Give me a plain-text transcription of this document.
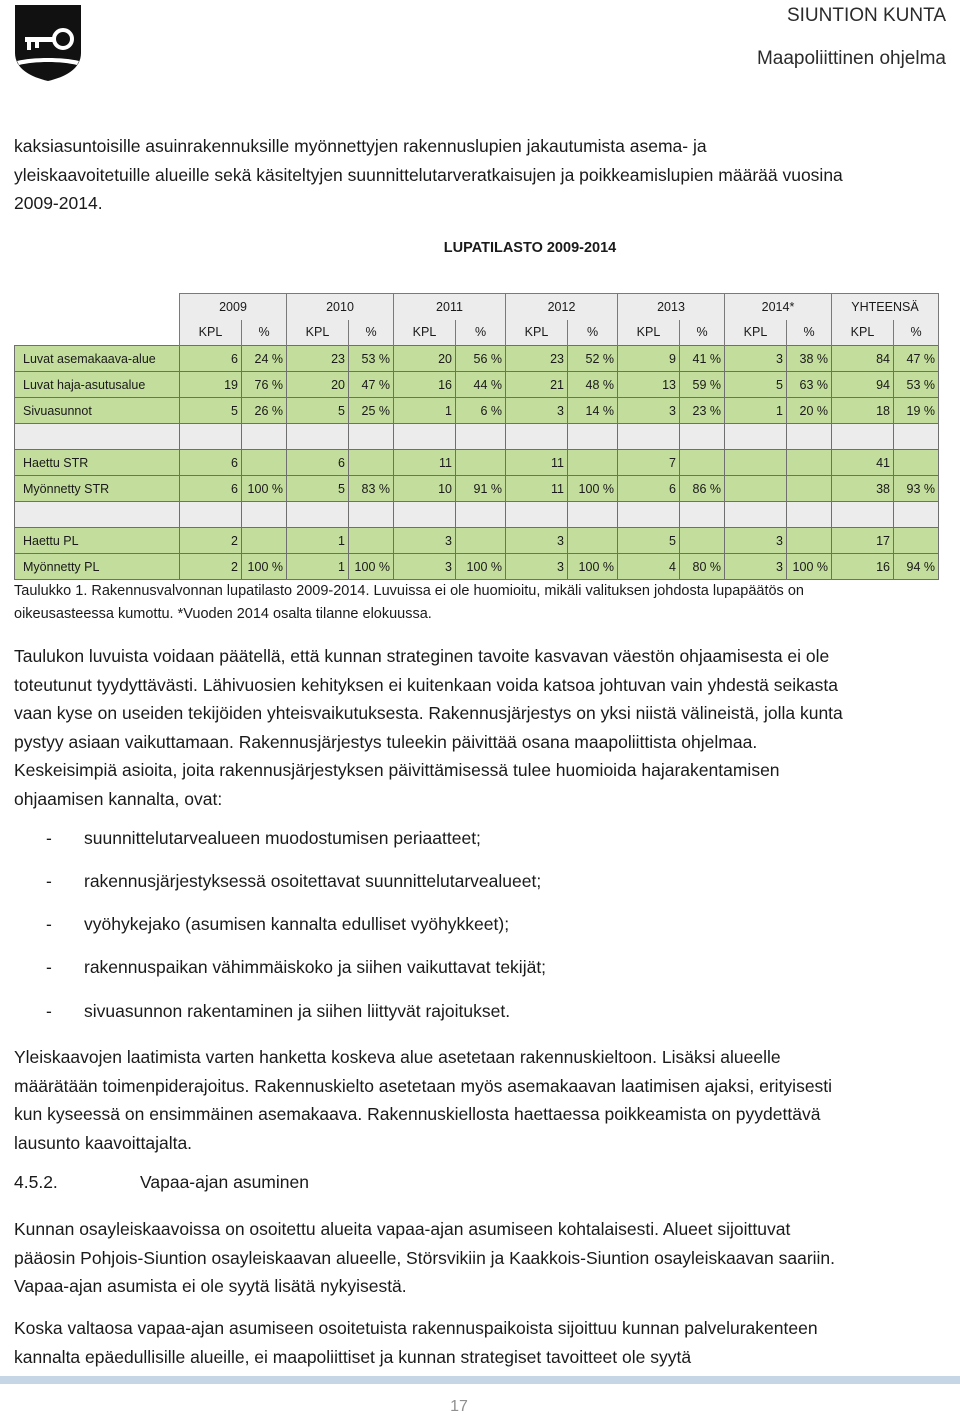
SIUNTION KUNTA
Maapoliittinen ohjelma

kaksiasuntoisille asuinrakennuksille myönnettyjen rakennuslupien jakautumista asema- ja
yleiskaavoitetuille alueille sekä käsiteltyjen suunnittelutarveratkaisujen ja poikkeamislupien määrää vuosina
2009-2014.

LUPATILASTO 2009-2014
	2009		2010		2011		2012		2013		2014*		YHTEENSÄ	
	KPL	%	KPL	%	KPL	%	KPL	%	KPL	%	KPL	%	KPL	%
Luvat asemakaava-alue	6	24 %	23	53 %	20	56 %	23	52 %	9	41 %	3	38 %	84	47 %
Luvat haja-asutusalue	19	76 %	20	47 %	16	44 %	21	48 %	13	59 %	5	63 %	94	53 %
Sivuasunnot	5	26 %	5	25 %	1	6 %	3	14 %	3	23 %	1	20 %	18	19 %

Haettu STR	6		6		11		11		7				41	
Myönnetty STR	6	100 %	5	83 %	10	91 %	11	100 %	6	86 %			38	93 %

Haettu PL	2		1		3		3		5		3		17	
Myönnetty PL	2	100 %	1	100 %	3	100 %	3	100 %	4	80 %	3	100 %	16	94 %

Taulukko 1. Rakennusvalvonnan lupatilasto 2009-2014. Luvuissa ei ole huomioitu, mikäli valituksen johdosta lupapäätös on
oikeusasteessa kumottu. *Vuoden 2014 osalta tilanne elokuussa.

Taulukon luvuista voidaan päätellä, että kunnan strateginen tavoite kasvavan väestön ohjaamisesta ei ole
toteutunut tyydyttävästi. Lähivuosien kehityksen ei kuitenkaan voida katsoa johtuvan vain yhdestä seikasta
vaan kyse on useiden tekijöiden yhteisvaikutuksesta. Rakennusjärjestys on yksi niistä välineistä, jolla kunta
pystyy asiaan vaikuttamaan. Rakennusjärjestys tuleekin päivittää osana maapoliittista ohjelmaa.
Keskeisimpiä asioita, joita rakennusjärjestyksen päivittämisessä tulee huomioida hajarakentamisen
ohjaamisen kannalta, ovat:

- suunnittelutarvealueen muodostumisen periaatteet;
- rakennusjärjestyksessä osoitettavat suunnittelutarvealueet;
- vyöhykejako (asumisen kannalta edulliset vyöhykkeet);
- rakennuspaikan vähimmäiskoko ja siihen vaikuttavat tekijät;
- sivuasunnon rakentaminen ja siihen liittyvät rajoitukset.

Yleiskaavojen laatimista varten hanketta koskeva alue asetetaan rakennuskieltoon. Lisäksi alueelle
määrätään toimenpiderajoitus. Rakennuskielto asetetaan myös asemakaavan laatimisen ajaksi, erityisesti
kun kyseessä on ensimmäinen asemakaava. Rakennuskiellosta haettaessa poikkeamista on pyydettävä
lausunto kaavoittajalta.

4.5.2.	Vapaa-ajan asuminen

Kunnan osayleiskaavoissa on osoitettu alueita vapaa-ajan asumiseen kohtalaisesti. Alueet sijoittuvat
pääosin Pohjois-Siuntion osayleiskaavan alueelle, Störsvikiin ja Kaakkois-Siuntion osayleiskaavan saariin.
Vapaa-ajan asumista ei ole syytä lisätä nykyisestä.

Koska valtaosa vapaa-ajan asumiseen osoitetuista rakennuspaikoista sijoittuu kunnan palvelurakenteen
kannalta epäedullisille alueille, ei maapoliittiset ja kunnan strategiset tavoitteet ole syytä

17
